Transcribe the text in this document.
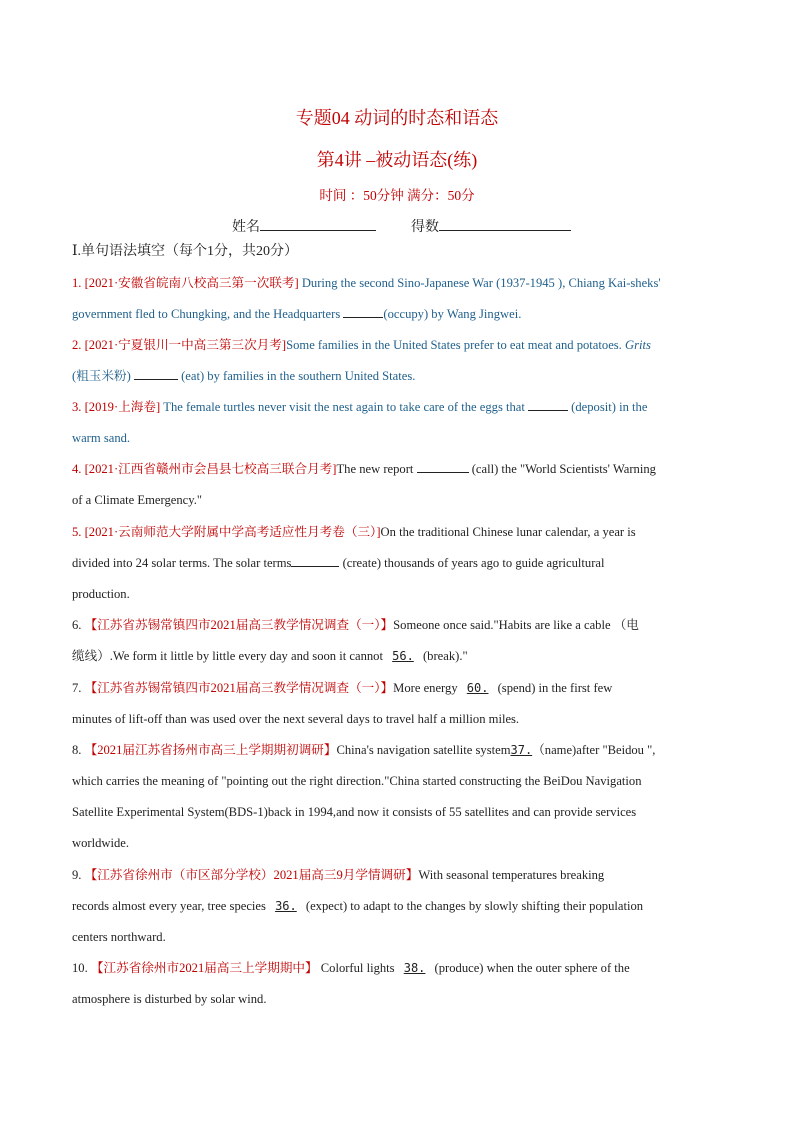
专题04 动词的时态和语态
第4讲 –被动语态(练)
时间 ：50分钟 满分：50分
姓名	得数
Ⅰ.单句语法填空（每个1分，共20分）
1. [2021·安徽省皖南八校高三第一次联考] During the second Sino-Japanese War (1937-1945 ), Chiang Kai-sheks'
government fled to Chungking, and the Headquarters	(occupy) by Wang Jingwei.
2. [2021·宁夏银川一中高三第三次月考]Some families in the United States prefer to eat meat and potatoes. Grits
(粗玉米粉)	(eat) by families in the southern United States.
3. [2019·上海卷] The female turtles never visit the nest again to take care of the eggs that	(deposit) in the
warm sand.
4. [2021·江西省赣州市会昌县七校高三联合月考]The new report	(call) the "World Scientists' Warning
of a Climate Emergency."
5. [2021·云南师范大学附属中学高考适应性月考卷（三）]On the traditional Chinese lunar calendar, a year is
divided into 24 solar terms. The solar terms	(create) thousands of years ago to guide agricultural
production.
6. 【江苏省苏锡常镇四市2021届高三教学情况调查（一）】Someone once said."Habits are like a cable （电
缆线）.We form it little by little every day and soon it cannot 56. (break)."
7. 【江苏省苏锡常镇四市2021届高三教学情况调查（一）】More energy 60. (spend) in the first few
minutes of lift-off than was used over the next several days to travel half a million miles.
8. 【2021届江苏省扬州市高三上学期期初调研】China's navigation satellite system37.（name)after "Beidou ",
which carries the meaning of "pointing out the right direction."China started constructing the BeiDou Navigation
Satellite Experimental System(BDS-1)back in 1994,and now it consists of 55 satellites and can provide services
worldwide.
9. 【江苏省徐州市（市区部分学校）2021届高三9月学情调研】With seasonal temperatures breaking
records almost every year, tree species 36. (expect) to adapt to the changes by slowly shifting their population
centers northward.
10. 【江苏省徐州市2021届高三上学期期中】 Colorful lights 38. (produce) when the outer sphere of the
atmosphere is disturbed by solar wind.
